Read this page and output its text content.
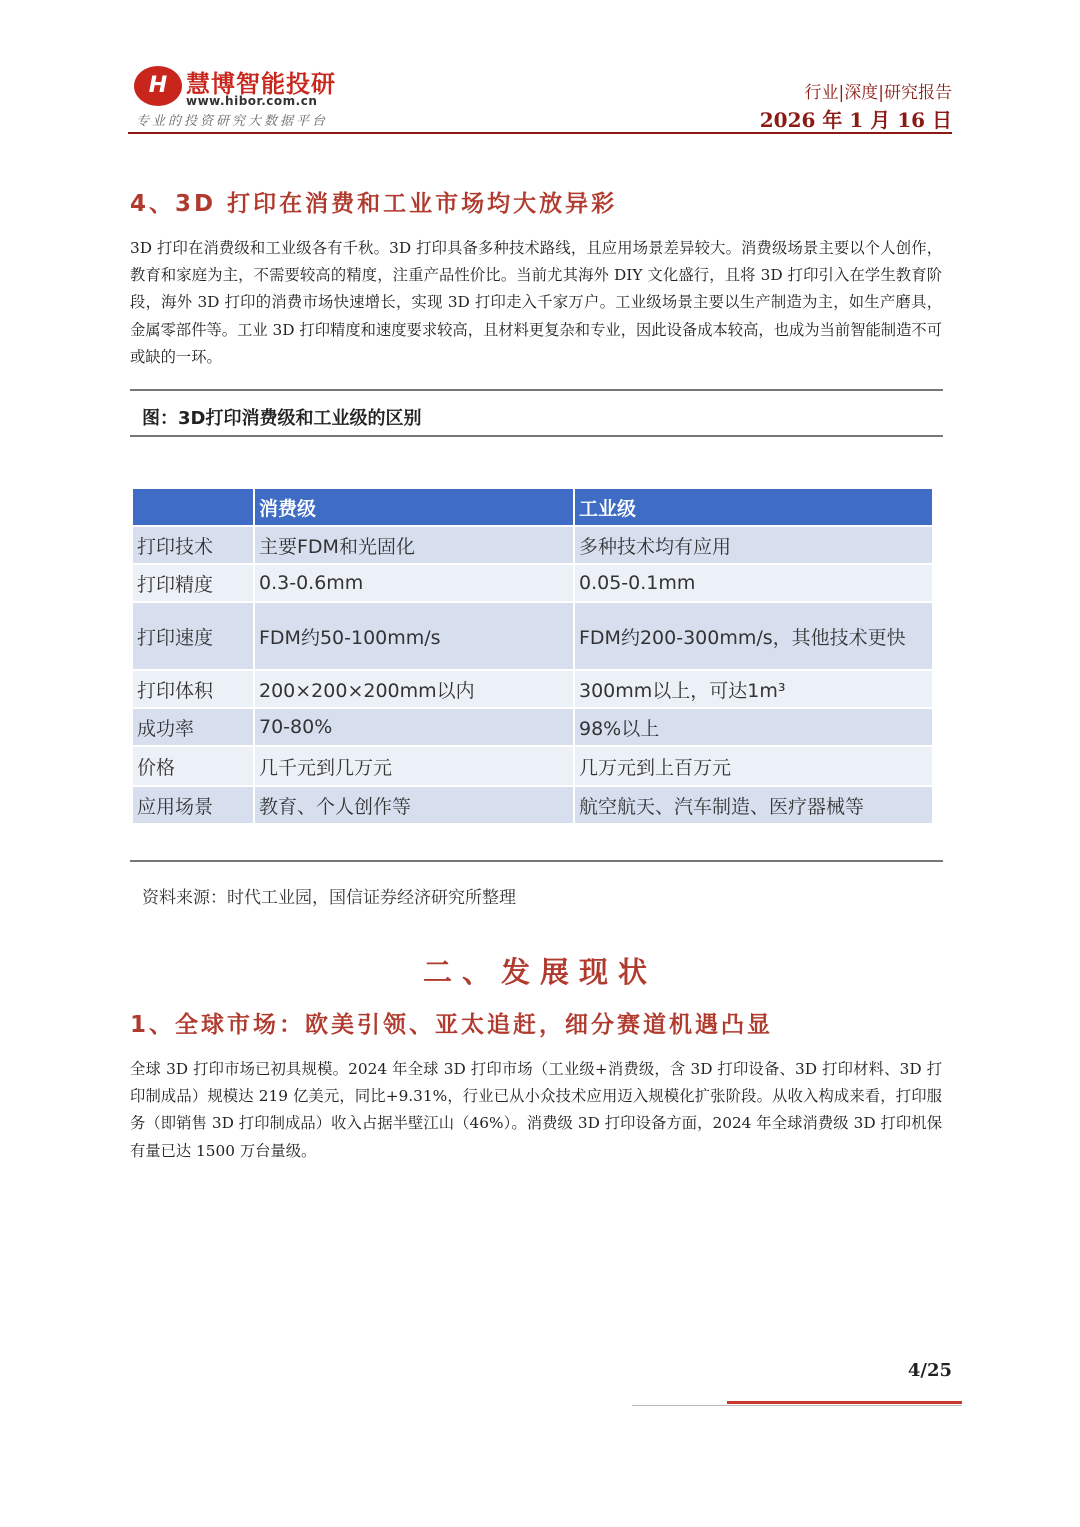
H 慧博智能投研
www.hibor.com.cn
专业的投资研究大数据平台
行业|深度|研究报告
2026 年 1 月 16 日
4、3D 打印在消费和工业市场均大放异彩
3D 打印在消费级和工业级各有千秋。3D 打印具备多种技术路线，且应用场景差异较大。消费级场景主要以个人创作，教育和家庭为主，不需要较高的精度，注重产品性价比。当前尤其海外 DIY 文化盛行，且将 3D 打印引入在学生教育阶段，海外 3D 打印的消费市场快速增长，实现 3D 打印走入千家万户。工业级场景主要以生产制造为主，如生产磨具，金属零部件等。工业 3D 打印精度和速度要求较高，且材料更复杂和专业，因此设备成本较高，也成为当前智能制造不可或缺的一环。
图：3D打印消费级和工业级的区别
	消费级	工业级
打印技术	主要FDM和光固化	多种技术均有应用
打印精度	0.3-0.6mm	0.05-0.1mm
打印速度	FDM约50-100mm/s	FDM约200-300mm/s，其他技术更快
打印体积	200×200×200mm以内	300mm以上，可达1m³
成功率	70-80%	98%以上
价格	几千元到几万元	几万元到上百万元
应用场景	教育、个人创作等	航空航天、汽车制造、医疗器械等
资料来源：时代工业园，国信证券经济研究所整理
二、发展现状
1、全球市场：欧美引领、亚太追赶，细分赛道机遇凸显
全球 3D 打印市场已初具规模。2024 年全球 3D 打印市场（工业级+消费级，含 3D 打印设备、3D 打印材料、3D 打印制成品）规模达 219 亿美元，同比+9.31%，行业已从小众技术应用迈入规模化扩张阶段。从收入构成来看，打印服务（即销售 3D 打印制成品）收入占据半壁江山（46%）。消费级 3D 打印设备方面，2024 年全球消费级 3D 打印机保有量已达 1500 万台量级。
4/25
